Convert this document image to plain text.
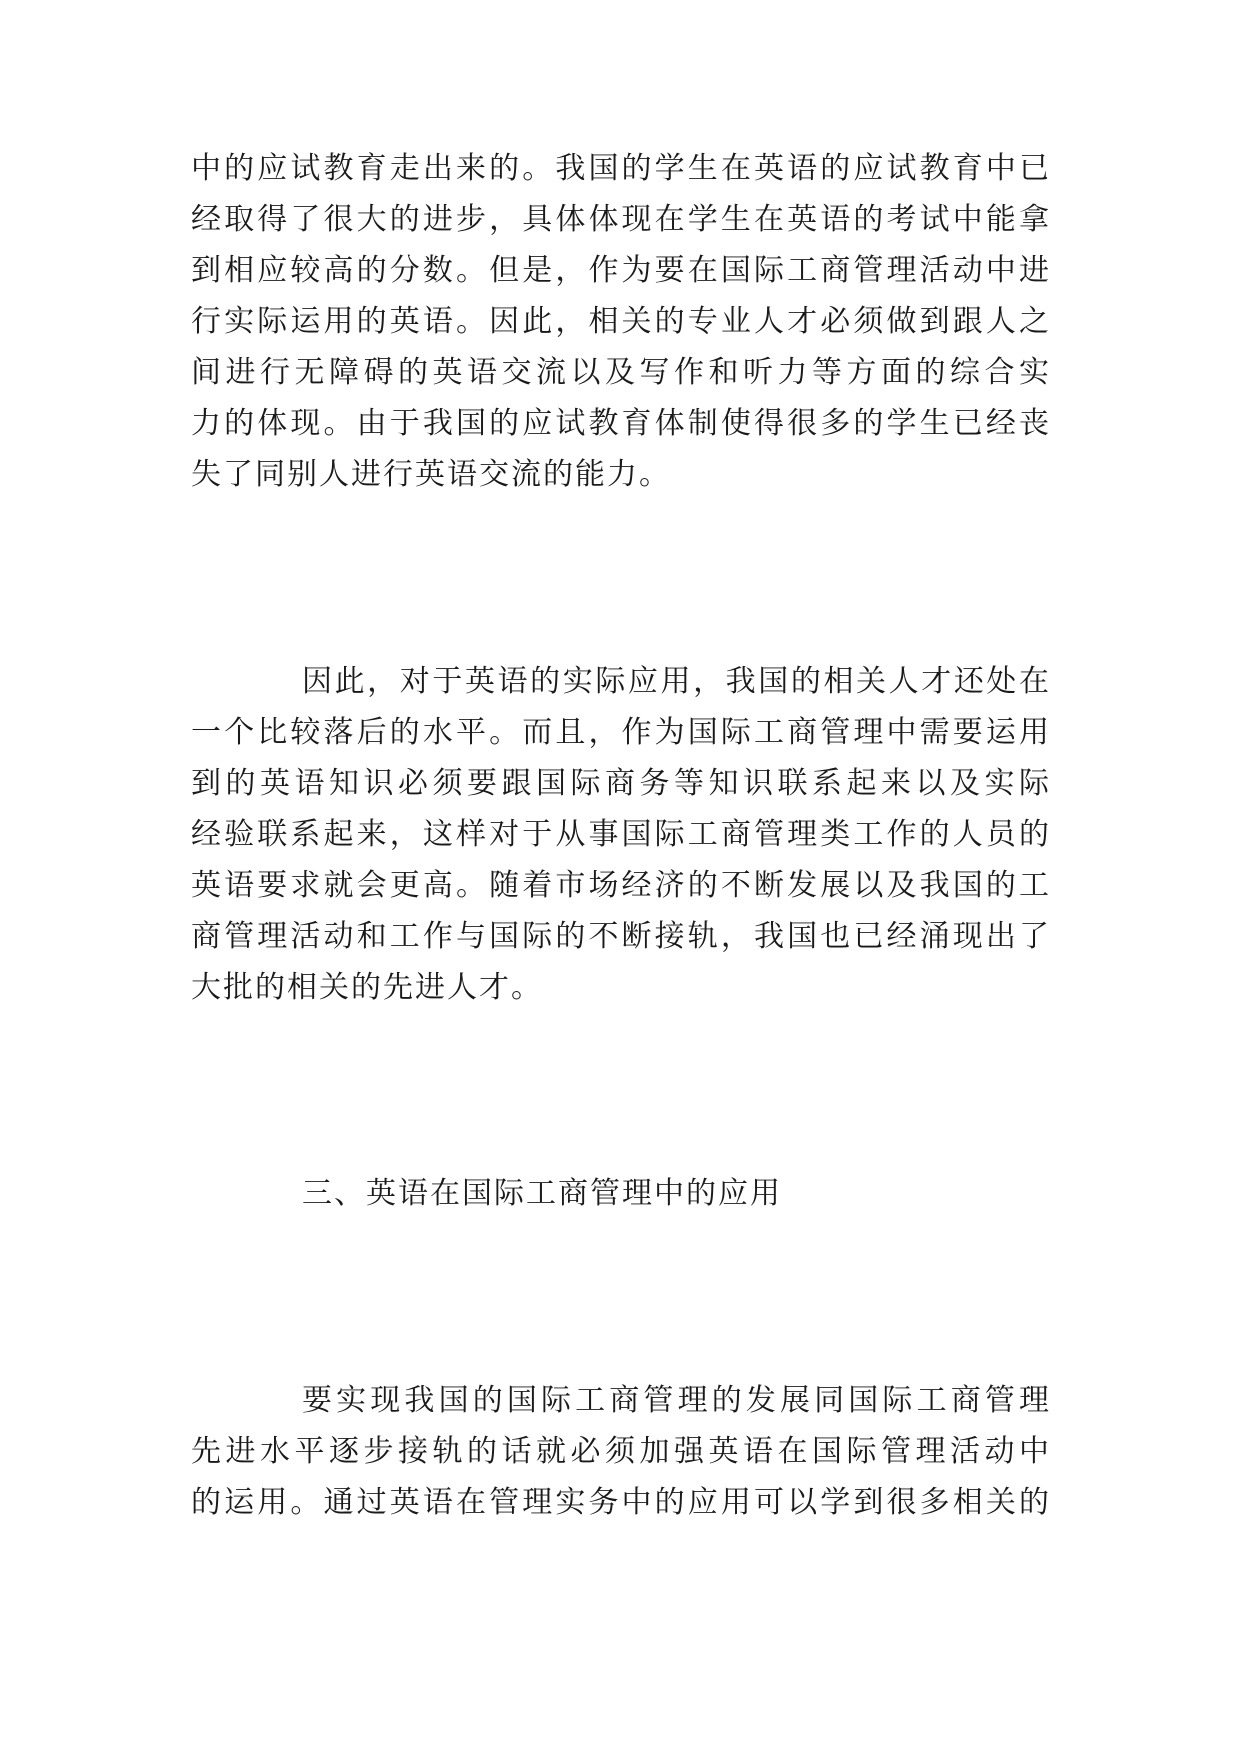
中的应试教育走出来的。我国的学生在英语的应试教育中已
经取得了很大的进步，具体体现在学生在英语的考试中能拿
到相应较高的分数。但是，作为要在国际工商管理活动中进
行实际运用的英语。因此，相关的专业人才必须做到跟人之
间进行无障碍的英语交流以及写作和听力等方面的综合实
力的体现。由于我国的应试教育体制使得很多的学生已经丧
失了同别人进行英语交流的能力。
因此，对于英语的实际应用，我国的相关人才还处在
一个比较落后的水平。而且，作为国际工商管理中需要运用
到的英语知识必须要跟国际商务等知识联系起来以及实际
经验联系起来，这样对于从事国际工商管理类工作的人员的
英语要求就会更高。随着市场经济的不断发展以及我国的工
商管理活动和工作与国际的不断接轨，我国也已经涌现出了
大批的相关的先进人才。
三、英语在国际工商管理中的应用
要实现我国的国际工商管理的发展同国际工商管理
先进水平逐步接轨的话就必须加强英语在国际管理活动中
的运用。通过英语在管理实务中的应用可以学到很多相关的
